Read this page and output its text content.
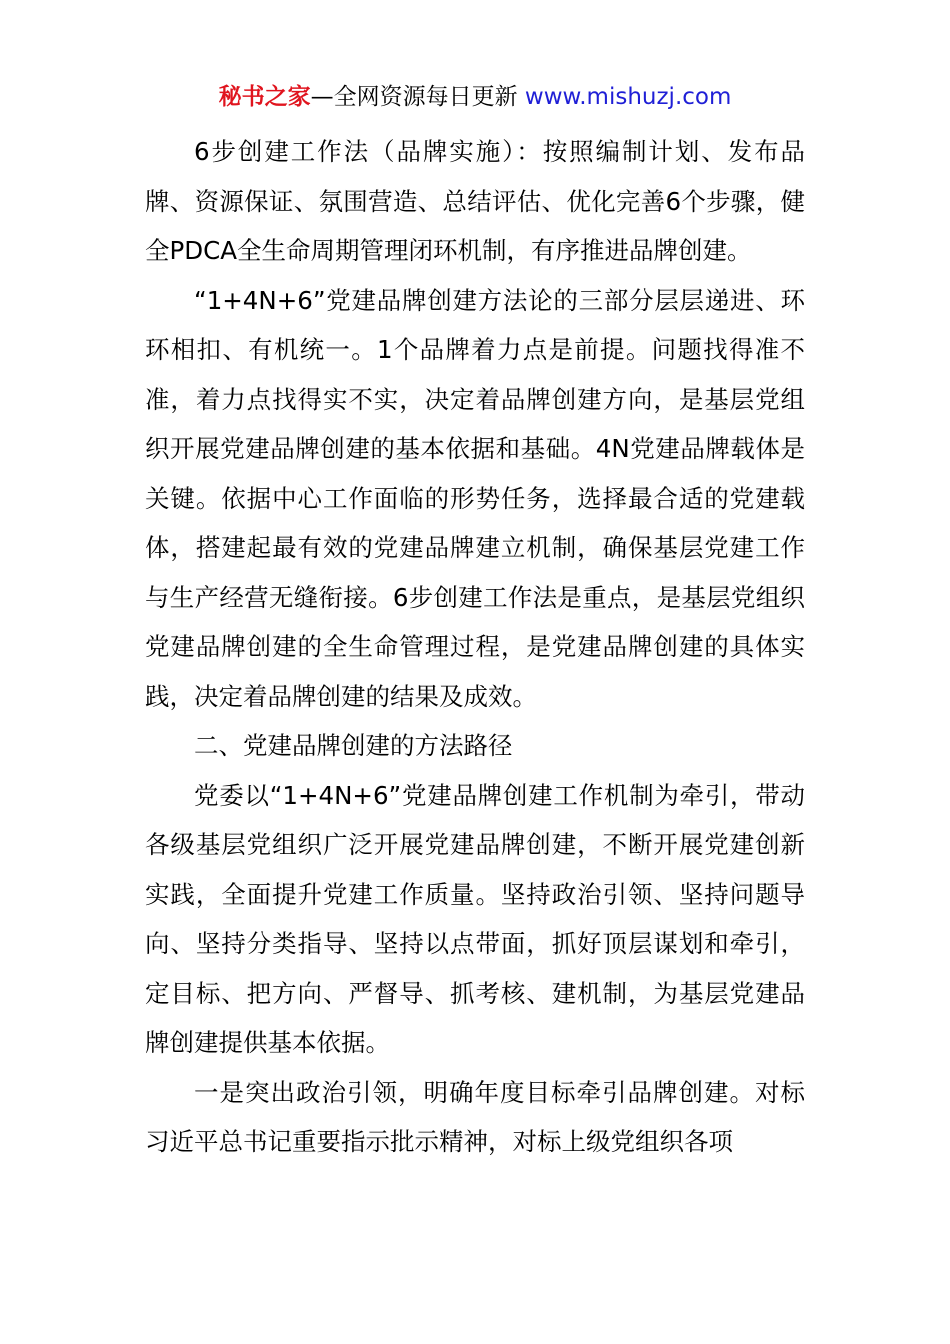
秘书之家—全网资源每日更新 www.mishuzj.com

6步创建工作法（品牌实施）：按照编制计划、发布品牌、资源保证、氛围营造、总结评估、优化完善6个步骤，健全PDCA全生命周期管理闭环机制，有序推进品牌创建。

“1+4N+6”党建品牌创建方法论的三部分层层递进、环环相扣、有机统一。1个品牌着力点是前提。问题找得准不准，着力点找得实不实，决定着品牌创建方向，是基层党组织开展党建品牌创建的基本依据和基础。4N党建品牌载体是关键。依据中心工作面临的形势任务，选择最合适的党建载体，搭建起最有效的党建品牌建立机制，确保基层党建工作与生产经营无缝衔接。6步创建工作法是重点，是基层党组织党建品牌创建的全生命管理过程，是党建品牌创建的具体实践，决定着品牌创建的结果及成效。

二、党建品牌创建的方法路径

党委以“1+4N+6”党建品牌创建工作机制为牵引，带动各级基层党组织广泛开展党建品牌创建，不断开展党建创新实践，全面提升党建工作质量。坚持政治引领、坚持问题导向、坚持分类指导、坚持以点带面，抓好顶层谋划和牵引，定目标、把方向、严督导、抓考核、建机制，为基层党建品牌创建提供基本依据。

一是突出政治引领，明确年度目标牵引品牌创建。对标习近平总书记重要指示批示精神，对标上级党组织各项
